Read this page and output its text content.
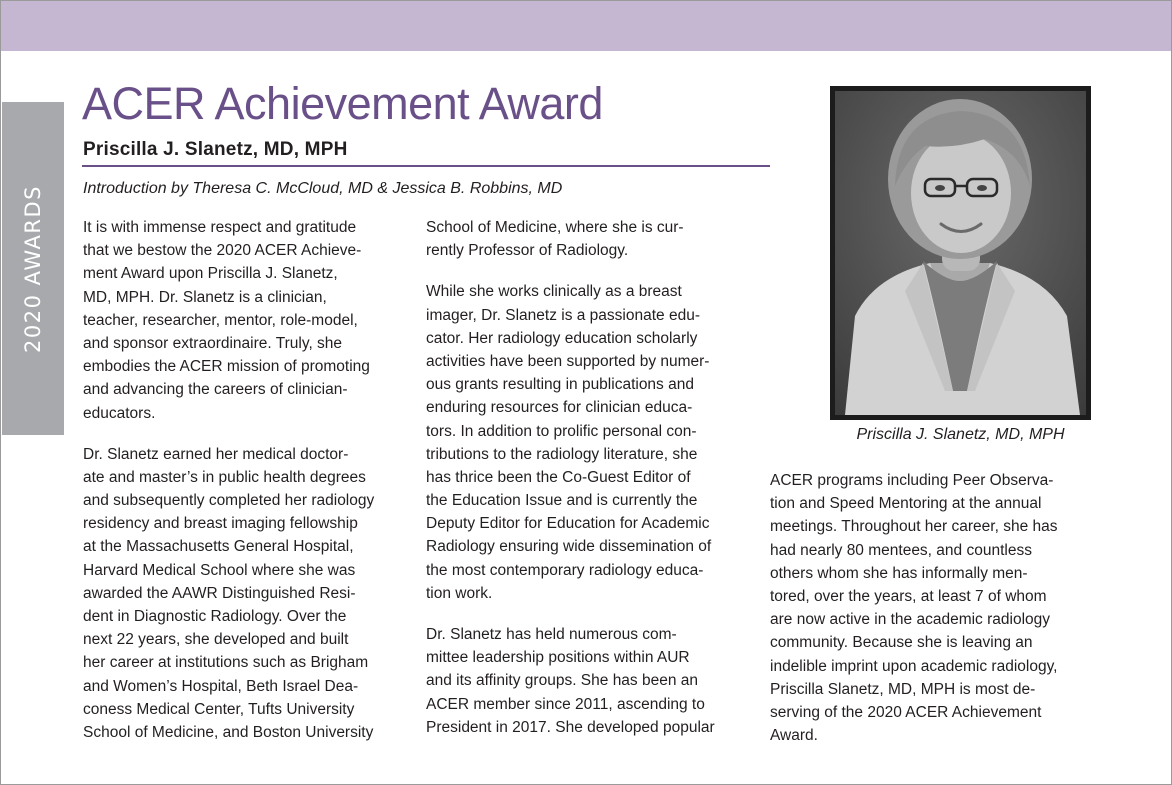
2020 AWARDS
ACER Achievement Award
Priscilla J. Slanetz, MD, MPH
Introduction by Theresa C. McCloud, MD & Jessica B. Robbins, MD

It is with immense respect and gratitude
that we bestow the 2020 ACER Achieve-
ment Award upon Priscilla J. Slanetz,
MD, MPH. Dr. Slanetz is a clinician,
teacher, researcher, mentor, role-model,
and sponsor extraordinaire. Truly, she
embodies the ACER mission of promoting
and advancing the careers of clinician-
educators.

Dr. Slanetz earned her medical doctor-
ate and master’s in public health degrees
and subsequently completed her radiology
residency and breast imaging fellowship
at the Massachusetts General Hospital,
Harvard Medical School where she was
awarded the AAWR Distinguished Resi-
dent in Diagnostic Radiology. Over the
next 22 years, she developed and built
her career at institutions such as Brigham
and Women’s Hospital, Beth Israel Dea-
coness Medical Center, Tufts University
School of Medicine, and Boston University

School of Medicine, where she is cur-
rently Professor of Radiology.

While she works clinically as a breast
imager, Dr. Slanetz is a passionate edu-
cator. Her radiology education scholarly
activities have been supported by numer-
ous grants resulting in publications and
enduring resources for clinician educa-
tors. In addition to prolific personal con-
tributions to the radiology literature, she
has thrice been the Co-Guest Editor of
the Education Issue and is currently the
Deputy Editor for Education for Academic
Radiology ensuring wide dissemination of
the most contemporary radiology educa-
tion work.

Dr. Slanetz has held numerous com-
mittee leadership positions within AUR
and its affinity groups. She has been an
ACER member since 2011, ascending to
President in 2017. She developed popular

Priscilla J. Slanetz, MD, MPH

ACER programs including Peer Observa-
tion and Speed Mentoring at the annual
meetings. Throughout her career, she has
had nearly 80 mentees, and countless
others whom she has informally men-
tored, over the years, at least 7 of whom
are now active in the academic radiology
community. Because she is leaving an
indelible imprint upon academic radiology,
Priscilla Slanetz, MD, MPH is most de-
serving of the 2020 ACER Achievement
Award.
